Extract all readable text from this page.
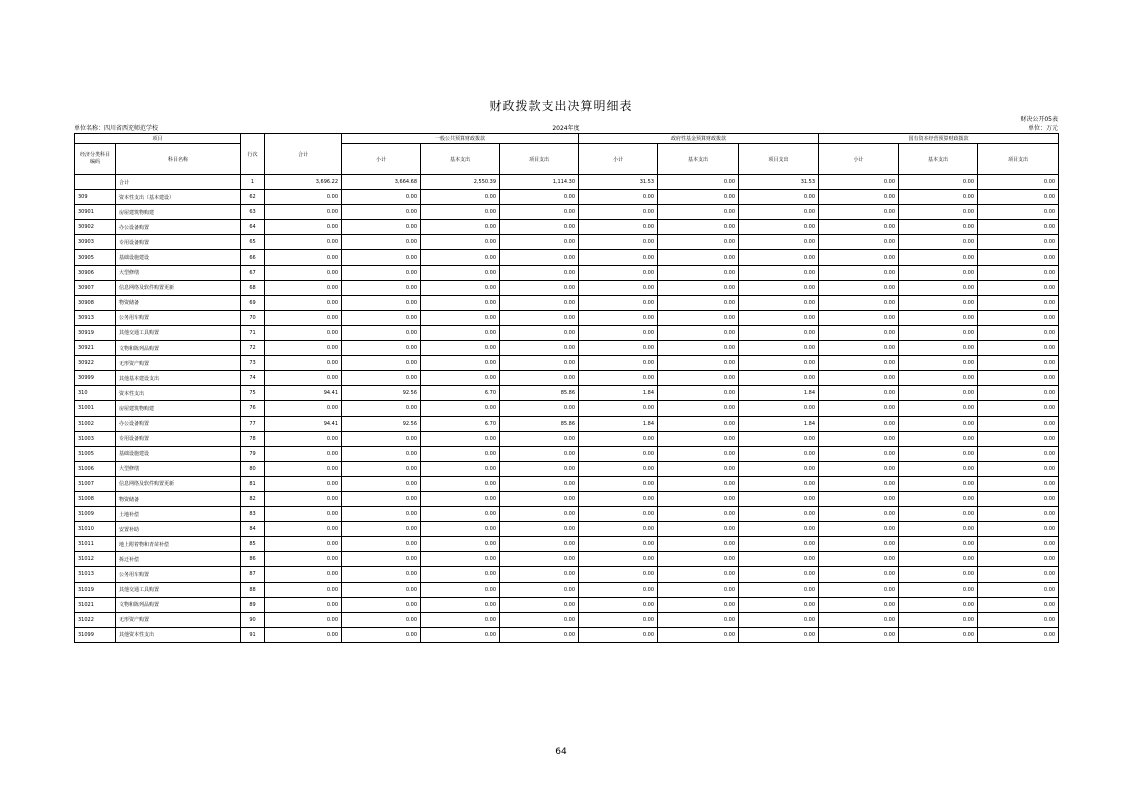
财政拨款支出决算明细表
财决公开05表
单位名称：四川省西充师范学校	2024年度	单位：万元
项目		行次	合计	一般公共预算财政拨款			政府性基金预算财政拨款			国有资本经营预算财政拨款		
经济分类科目编码	科目名称			小计	基本支出	项目支出	小计	基本支出	项目支出	小计	基本支出	项目支出
	合计	1	3,696.22	3,664.68	2,550.39	1,114.30	31.53	0.00	31.53	0.00	0.00	0.00
309	资本性支出（基本建设）	62	0.00	0.00	0.00	0.00	0.00	0.00	0.00	0.00	0.00	0.00
30901	房屋建筑物购建	63	0.00	0.00	0.00	0.00	0.00	0.00	0.00	0.00	0.00	0.00
30902	办公设备购置	64	0.00	0.00	0.00	0.00	0.00	0.00	0.00	0.00	0.00	0.00
30903	专用设备购置	65	0.00	0.00	0.00	0.00	0.00	0.00	0.00	0.00	0.00	0.00
30905	基础设施建设	66	0.00	0.00	0.00	0.00	0.00	0.00	0.00	0.00	0.00	0.00
30906	大型修缮	67	0.00	0.00	0.00	0.00	0.00	0.00	0.00	0.00	0.00	0.00
30907	信息网络及软件购置更新	68	0.00	0.00	0.00	0.00	0.00	0.00	0.00	0.00	0.00	0.00
30908	物资储备	69	0.00	0.00	0.00	0.00	0.00	0.00	0.00	0.00	0.00	0.00
30913	公务用车购置	70	0.00	0.00	0.00	0.00	0.00	0.00	0.00	0.00	0.00	0.00
30919	其他交通工具购置	71	0.00	0.00	0.00	0.00	0.00	0.00	0.00	0.00	0.00	0.00
30921	文物和陈列品购置	72	0.00	0.00	0.00	0.00	0.00	0.00	0.00	0.00	0.00	0.00
30922	无形资产购置	73	0.00	0.00	0.00	0.00	0.00	0.00	0.00	0.00	0.00	0.00
30999	其他基本建设支出	74	0.00	0.00	0.00	0.00	0.00	0.00	0.00	0.00	0.00	0.00
310	资本性支出	75	94.41	92.56	6.70	85.86	1.84	0.00	1.84	0.00	0.00	0.00
31001	房屋建筑物购建	76	0.00	0.00	0.00	0.00	0.00	0.00	0.00	0.00	0.00	0.00
31002	办公设备购置	77	94.41	92.56	6.70	85.86	1.84	0.00	1.84	0.00	0.00	0.00
31003	专用设备购置	78	0.00	0.00	0.00	0.00	0.00	0.00	0.00	0.00	0.00	0.00
31005	基础设施建设	79	0.00	0.00	0.00	0.00	0.00	0.00	0.00	0.00	0.00	0.00
31006	大型修缮	80	0.00	0.00	0.00	0.00	0.00	0.00	0.00	0.00	0.00	0.00
31007	信息网络及软件购置更新	81	0.00	0.00	0.00	0.00	0.00	0.00	0.00	0.00	0.00	0.00
31008	物资储备	82	0.00	0.00	0.00	0.00	0.00	0.00	0.00	0.00	0.00	0.00
31009	土地补偿	83	0.00	0.00	0.00	0.00	0.00	0.00	0.00	0.00	0.00	0.00
31010	安置补助	84	0.00	0.00	0.00	0.00	0.00	0.00	0.00	0.00	0.00	0.00
31011	地上附着物和青苗补偿	85	0.00	0.00	0.00	0.00	0.00	0.00	0.00	0.00	0.00	0.00
31012	拆迁补偿	86	0.00	0.00	0.00	0.00	0.00	0.00	0.00	0.00	0.00	0.00
31013	公务用车购置	87	0.00	0.00	0.00	0.00	0.00	0.00	0.00	0.00	0.00	0.00
31019	其他交通工具购置	88	0.00	0.00	0.00	0.00	0.00	0.00	0.00	0.00	0.00	0.00
31021	文物和陈列品购置	89	0.00	0.00	0.00	0.00	0.00	0.00	0.00	0.00	0.00	0.00
31022	无形资产购置	90	0.00	0.00	0.00	0.00	0.00	0.00	0.00	0.00	0.00	0.00
31099	其他资本性支出	91	0.00	0.00	0.00	0.00	0.00	0.00	0.00	0.00	0.00	0.00
64
